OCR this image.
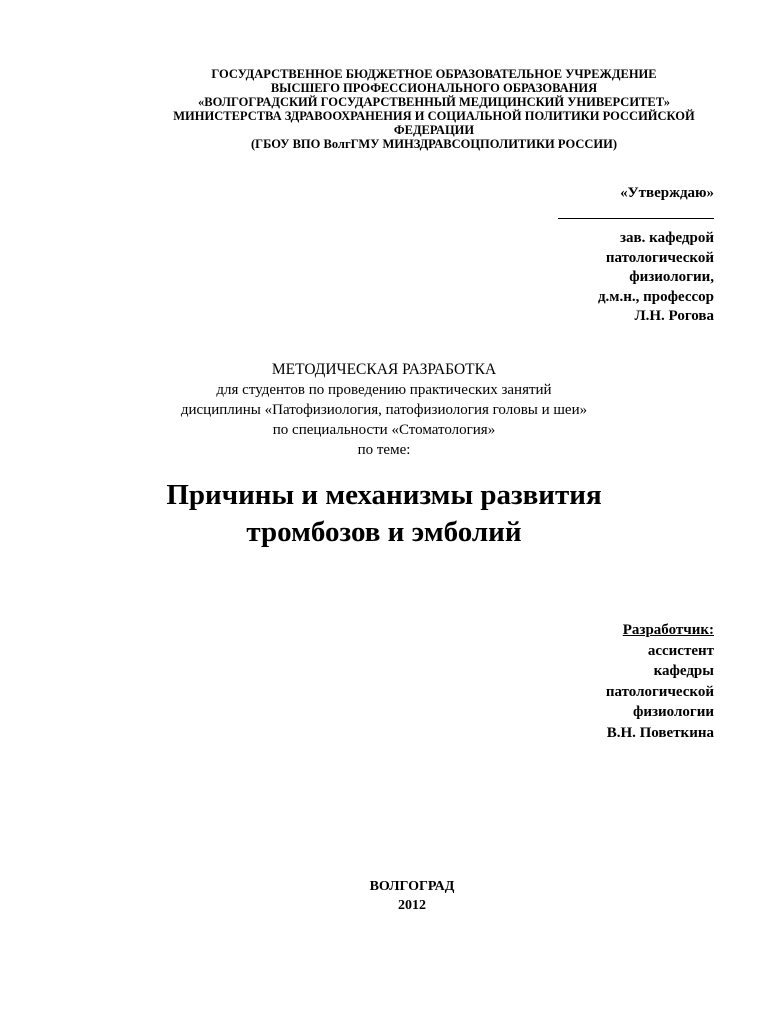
ГОСУДАРСТВЕННОЕ БЮДЖЕТНОЕ ОБРАЗОВАТЕЛЬНОЕ УЧРЕЖДЕНИЕ
ВЫСШЕГО ПРОФЕССИОНАЛЬНОГО ОБРАЗОВАНИЯ
«ВОЛГОГРАДСКИЙ ГОСУДАРСТВЕННЫЙ МЕДИЦИНСКИЙ УНИВЕРСИТЕТ»
МИНИСТЕРСТВА ЗДРАВООХРАНЕНИЯ И СОЦИАЛЬНОЙ ПОЛИТИКИ РОССИЙСКОЙ
ФЕДЕРАЦИИ
(ГБОУ ВПО ВолгГМУ МИНЗДРАВСОЦПОЛИТИКИ РОССИИ)
«Утверждаю»
зав. кафедрой
патологической
физиологии,
д.м.н., профессор
Л.Н. Рогова
МЕТОДИЧЕСКАЯ РАЗРАБОТКА
для студентов по проведению практических занятий
дисциплины «Патофизиология, патофизиология головы и шеи»
по специальности «Стоматология»
по теме:
Причины и механизмы развития
тромбозов и эмболий
Разработчик:
ассистент
кафедры
патологической
физиологии
В.Н. Поветкина
ВОЛГОГРАД
2012
